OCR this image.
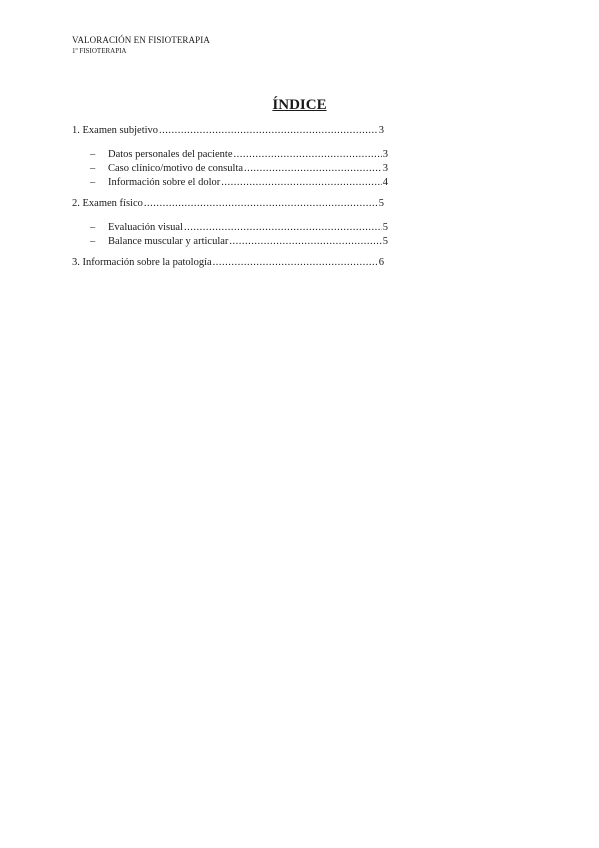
VALORACIÓN EN FISIOTERAPIA
1º FISIOTERAPIA
ÍNDICE
1. Examen subjetivo .....	3
–	Datos personales del paciente .....	3
–	Caso clínico/motivo de consulta .....	3
–	Información sobre el dolor .....	4
2. Examen físico .....	5
–	Evaluación visual .....	5
–	Balance muscular y articular .....	5
3. Información sobre la patología .....	6
